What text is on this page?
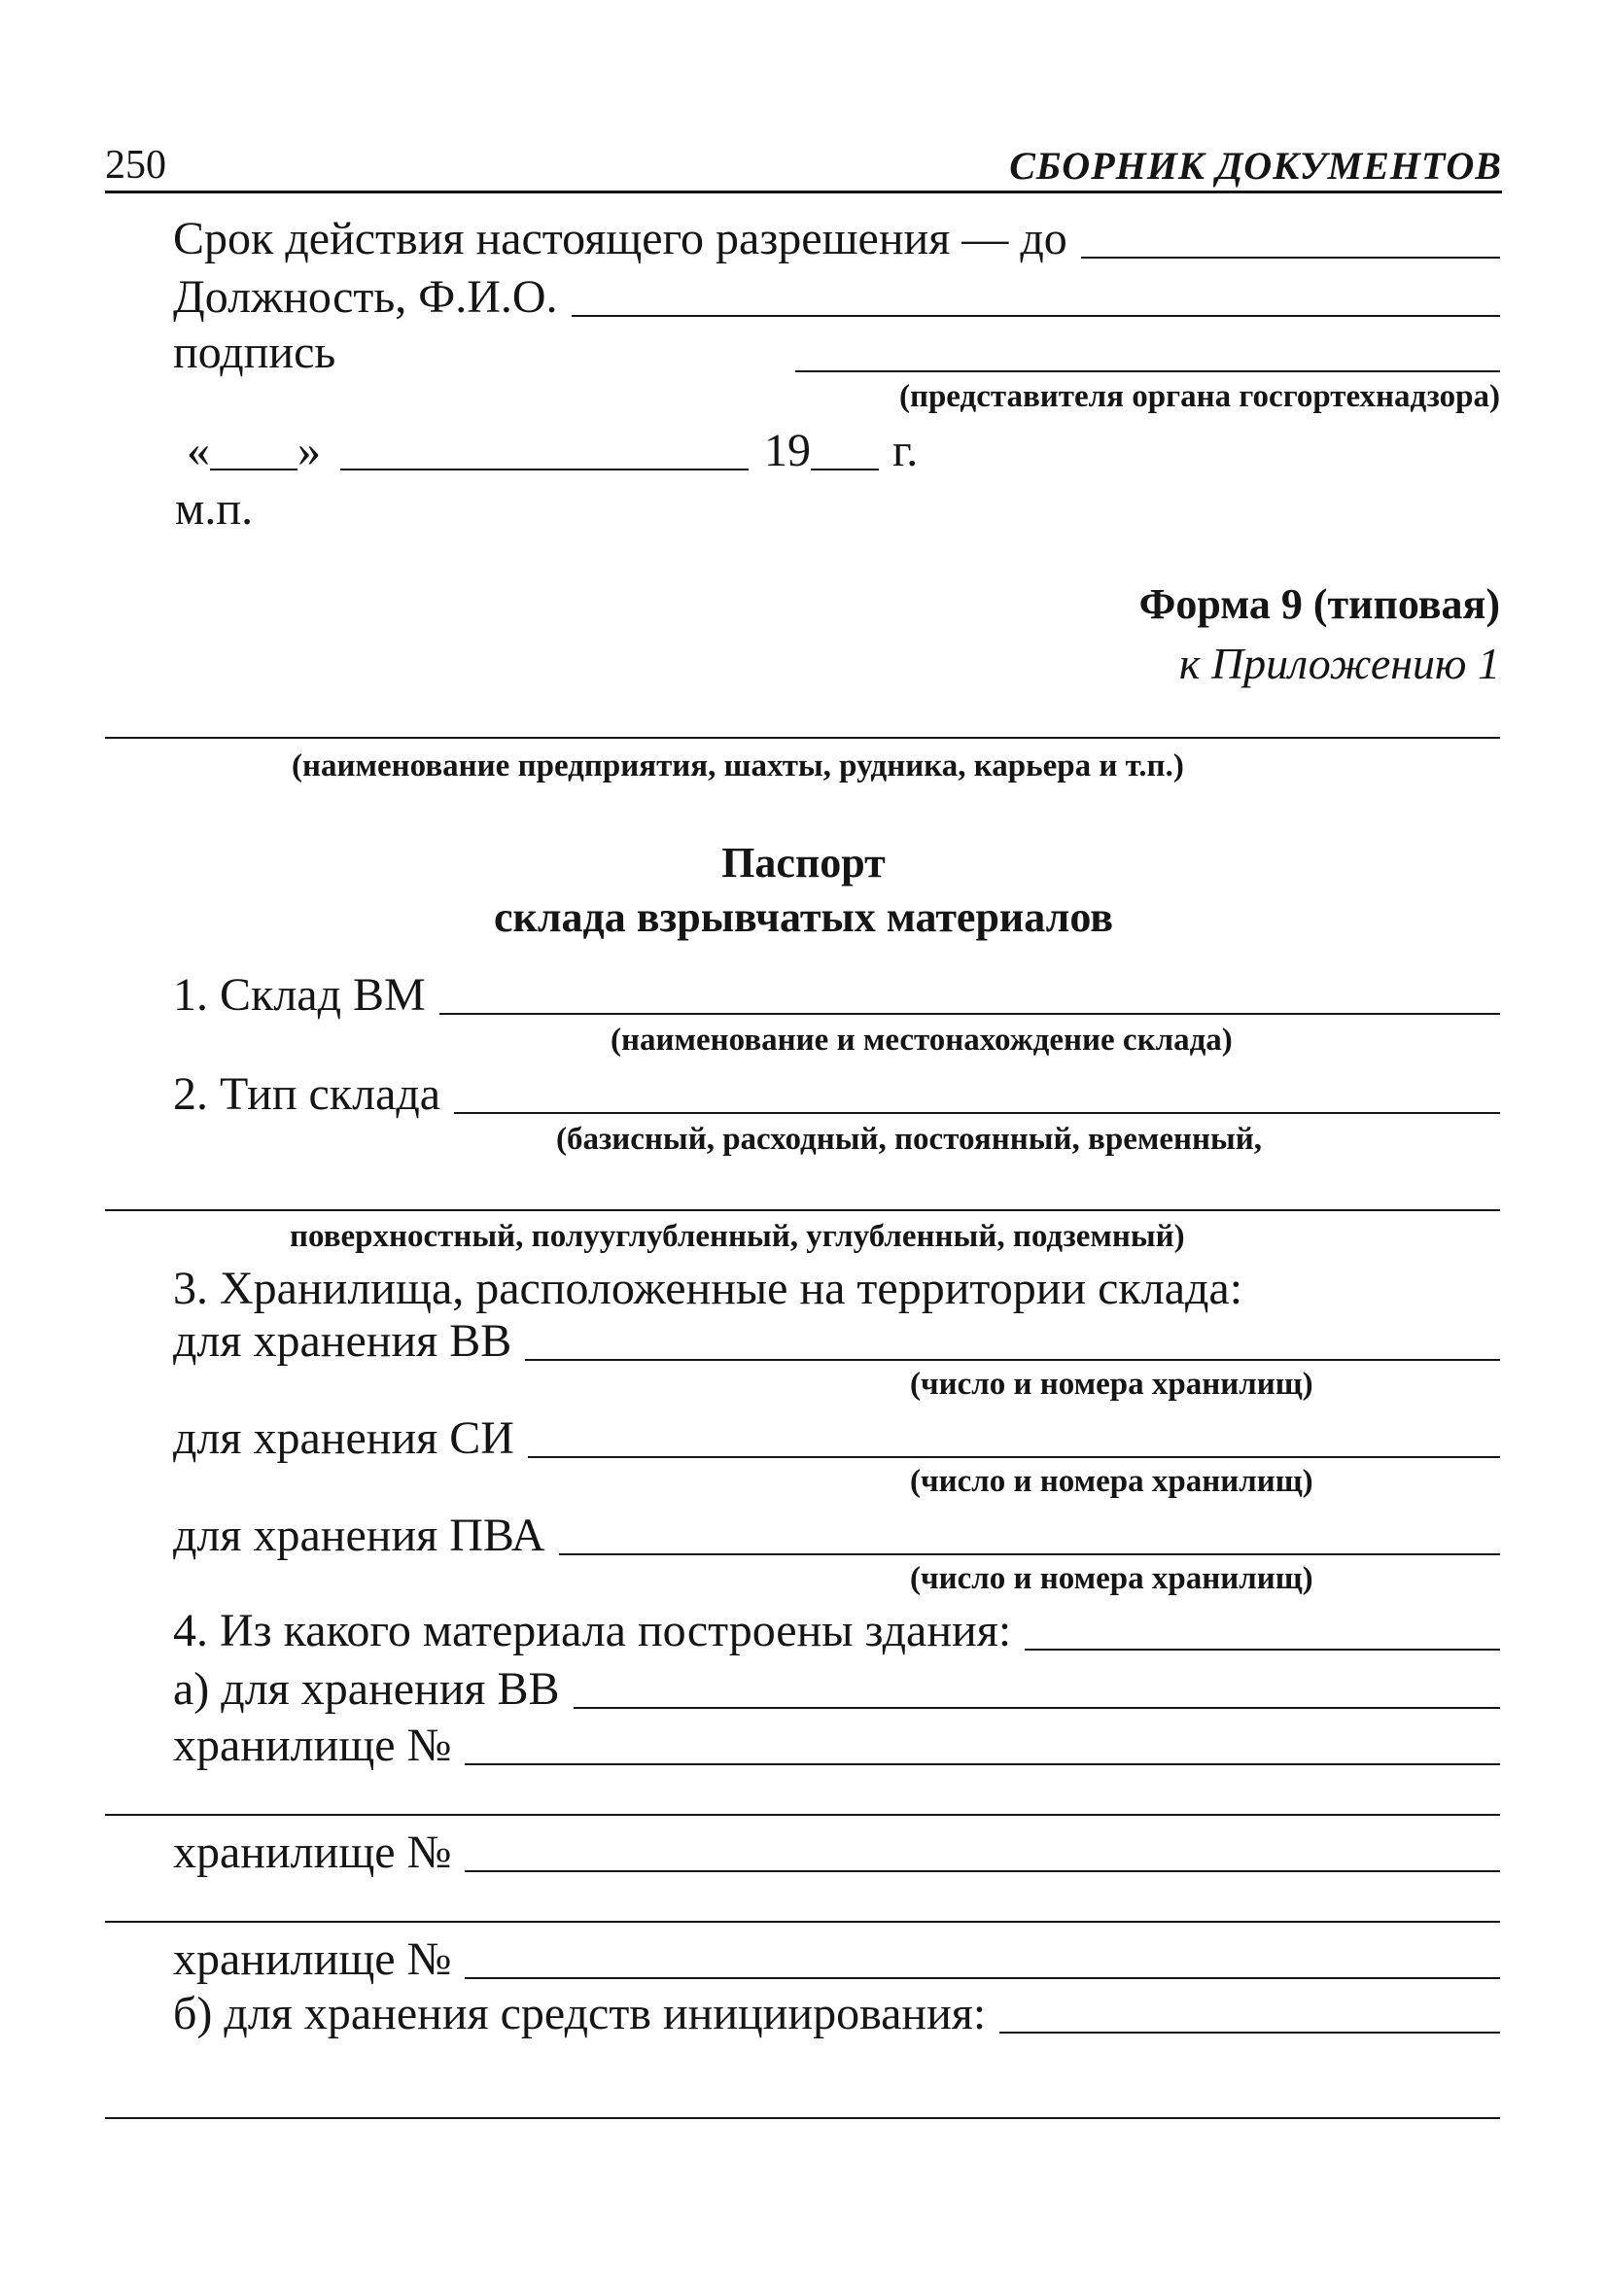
250	СБОРНИК ДОКУМЕНТОВ
Срок действия настоящего разрешения — до
Должность, Ф.И.О.
подпись
(представителя органа госгортехнадзора)
« »	19 г.
м.п.
Форма 9 (типовая)
к Приложению 1
(наименование предприятия, шахты, рудника, карьера и т.п.)
Паспорт
склада взрывчатых материалов
1. Склад ВМ
(наименование и местонахождение склада)
2. Тип склада
(базисный, расходный, постоянный, временный,
поверхностный, полууглубленный, углубленный, подземный)
3. Хранилища, расположенные на территории склада:
для хранения ВВ
(число и номера хранилищ)
для хранения СИ
(число и номера хранилищ)
для хранения ПВА
(число и номера хранилищ)
4. Из какого материала построены здания:
а) для хранения ВВ
хранилище №
хранилище №
хранилище №
б) для хранения средств инициирования:
